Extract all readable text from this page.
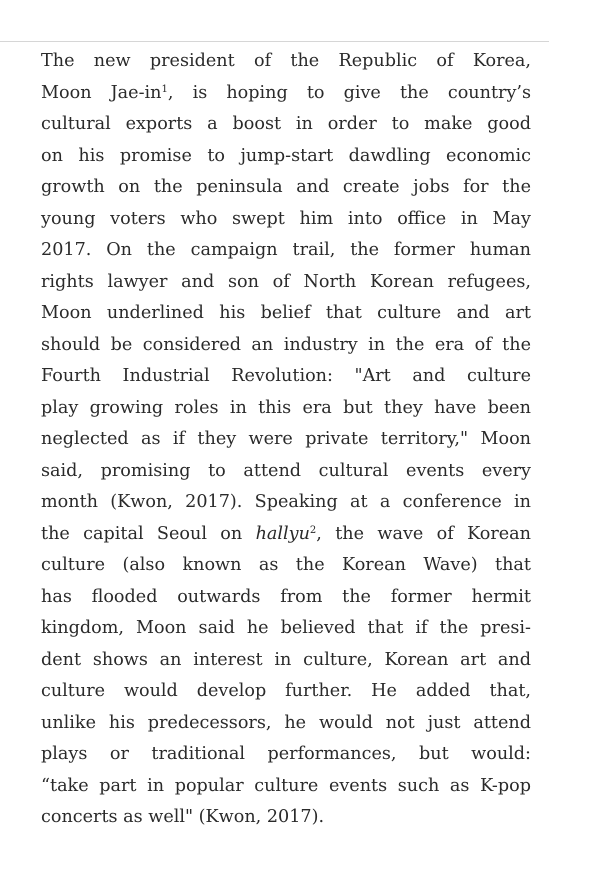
The new president of the Republic of Korea,
Moon Jae-$in^1$, is hoping to give the country’s
cultural exports a boost in order to make good
on his promise to jump-start dawdling economic
growth on the peninsula and create jobs for the
young voters who swept him into office in May
2017. On the campaign trail, the former human
rights lawyer and son of North Korean refugees,
Moon underlined his belief that culture and art
should be considered an industry in the era of the
Fourth Industrial Revolution: "Art and culture
play growing roles in this era but they have been
neglected as if they were private territory," Moon
said, promising to attend cultural events every
month (Kwon, 2017). Speaking at a conference in
the capital Seoul on hallyu$^2$, the wave of Korean
culture (also known as the Korean Wave) that
has flooded outwards from the former hermit
kingdom, Moon said he believed that if the presi-
dent shows an interest in culture, Korean art and
culture would develop further. He added that,
unlike his predecessors, he would not just attend
plays or traditional performances, but would:
“take part in popular culture events such as K-pop
concerts as well" (Kwon, 2017).
